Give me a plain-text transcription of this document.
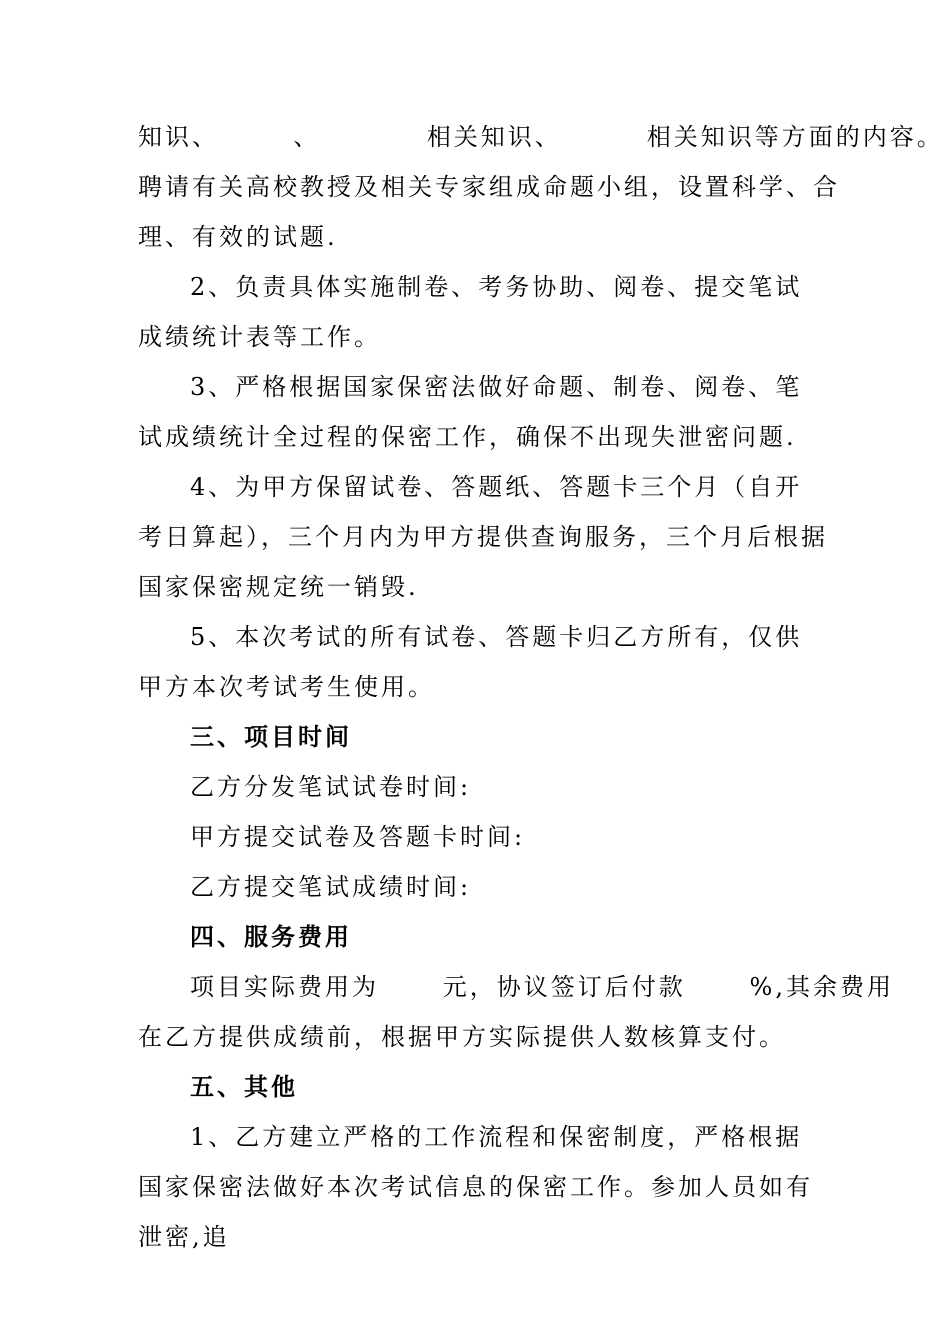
知识、       、          相关知识、        相关知识等方面的内容。

聘请有关高校教授及相关专家组成命题小组，设置科学、合

理、有效的试题.

2、负责具体实施制卷、考务协助、阅卷、提交笔试成绩统计表等工作。

3、严格根据国家保密法做好命题、制卷、阅卷、笔试成绩统计全过程的保密工作，确保不出现失泄密问题.

4、为甲方保留试卷、答题纸、答题卡三个月（自开考日算起），三个月内为甲方提供查询服务，三个月后根据国家保密规定统一销毁.

5、本次考试的所有试卷、答题卡归乙方所有，仅供甲方本次考试考生使用。

三、项目时间

乙方分发笔试试卷时间:

甲方提交试卷及答题卡时间:

乙方提交笔试成绩时间:

四、服务费用

项目实际费用为      元，协议签订后付款      %,其余费用

在乙方提供成绩前，根据甲方实际提供人数核算支付。

五、其他

1、乙方建立严格的工作流程和保密制度，严格根据国家保密法做好本次考试信息的保密工作。参加人员如有泄密,追
